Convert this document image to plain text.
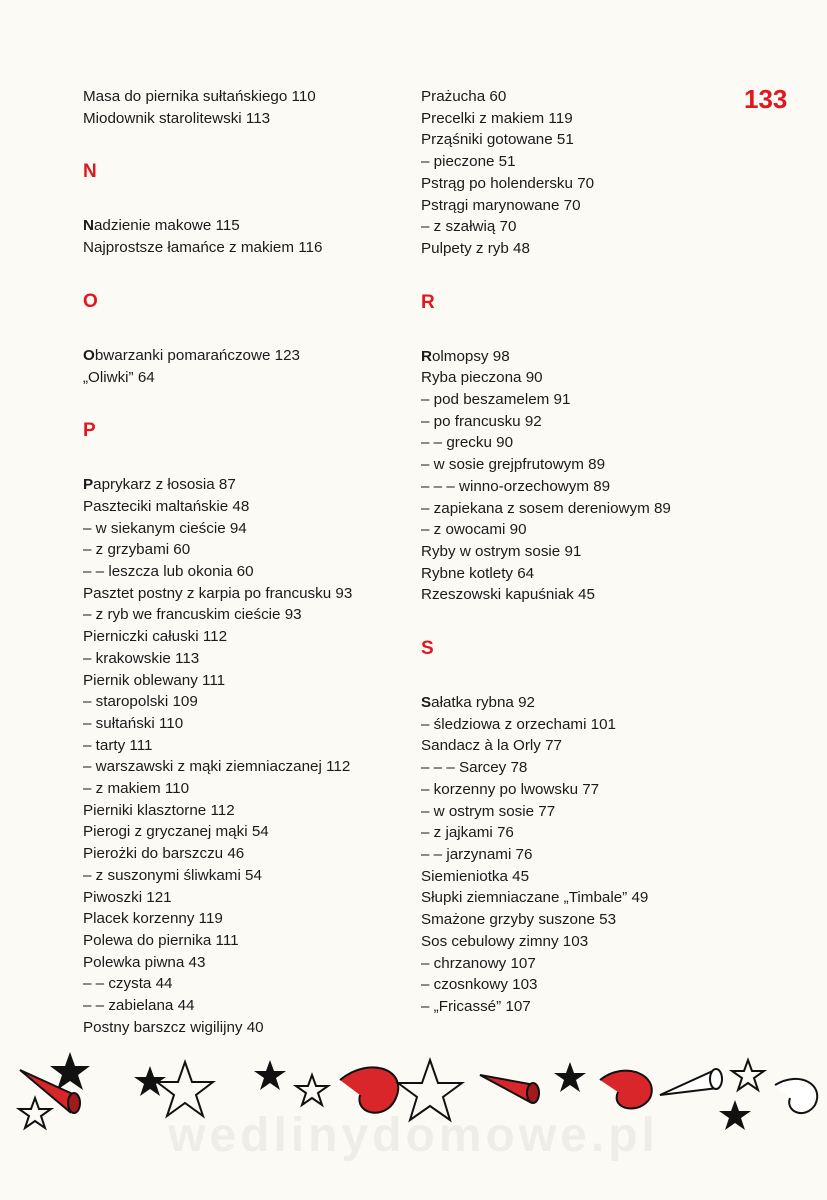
133
Masa do piernika sułtańskiego 110
Miodownik starolitewski 113
N
Nadzienie makowe 115
Najprostsze łamańce z makiem 116
O
Obwarzanki pomarańczowe 123
„Oliwki” 64
P
Paprykarz z łososia 87
Paszteciki maltańskie 48
– w siekanym cieście 94
– z grzybami 60
– – leszcza lub okonia 60
Pasztet postny z karpia po francusku 93
– z ryb we francuskim cieście 93
Pierniczki całuski 112
– krakowskie 113
Piernik oblewany 111
– staropolski 109
– sułtański 110
– tarty 111
– warszawski z mąki ziemniaczanej 112
– z makiem 110
Pierniki klasztorne 112
Pierogi z gryczanej mąki 54
Pierożki do barszczu 46
– z suszonymi śliwkami 54
Piwoszki 121
Placek korzenny 119
Polewa do piernika 111
Polewka piwna 43
– – czysta 44
– – zabielana 44
Postny barszcz wigilijny 40
Prażucha 60
Precelki z makiem 119
Prząśniki gotowane 51
– pieczone 51
Pstrąg po holendersku 70
Pstrągi marynowane 70
– z szałwią 70
Pulpety z ryb 48
R
Rolmopsy 98
Ryba pieczona 90
– pod beszamelem 91
– po francusku 92
– – grecku 90
– w sosie grejpfrutowym 89
– – – winno-orzechowym 89
– zapiekana z sosem dereniowym 89
– z owocami 90
Ryby w ostrym sosie 91
Rybne kotlety 64
Rzeszowski kapuśniak 45
S
Sałatka rybna 92
– śledziowa z orzechami 101
Sandacz à la Orly 77
– – – Sarcey 78
– korzenny po lwowsku 77
– w ostrym sosie 77
– z jajkami 76
– – jarzynami 76
Siemieniotka 45
Słupki ziemniaczane „Timbale” 49
Smażone grzyby suszone 53
Sos cebulowy zimny 103
– chrzanowy 107
– czosnkowy 103
– „Fricassé” 107
wedlinydomowe.pl
